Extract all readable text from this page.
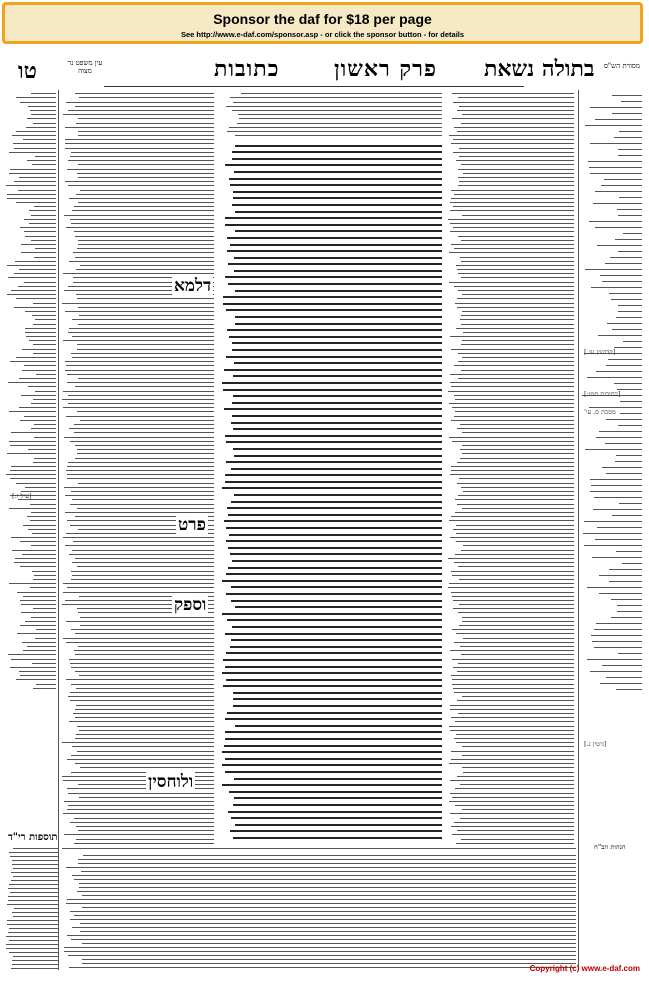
Sponsor the daf for $18 per page
See http://www.e-daf.com/sponsor.asp - or click the sponsor button - for details
טו	עין משפט נר מצוה	כתובות פרק ראשון בתולה נשאת מסורת הש"ס
דלמא
פרט
וספק
ולוחסין
תוספות רי"ד
[קדושין עג.]
[כתובות תמו:]
מסכת ס. עי'
[עיל ו:]
[גיטין נ.]
הגהות הב"ח
Copyright (c) www.e-daf.com
